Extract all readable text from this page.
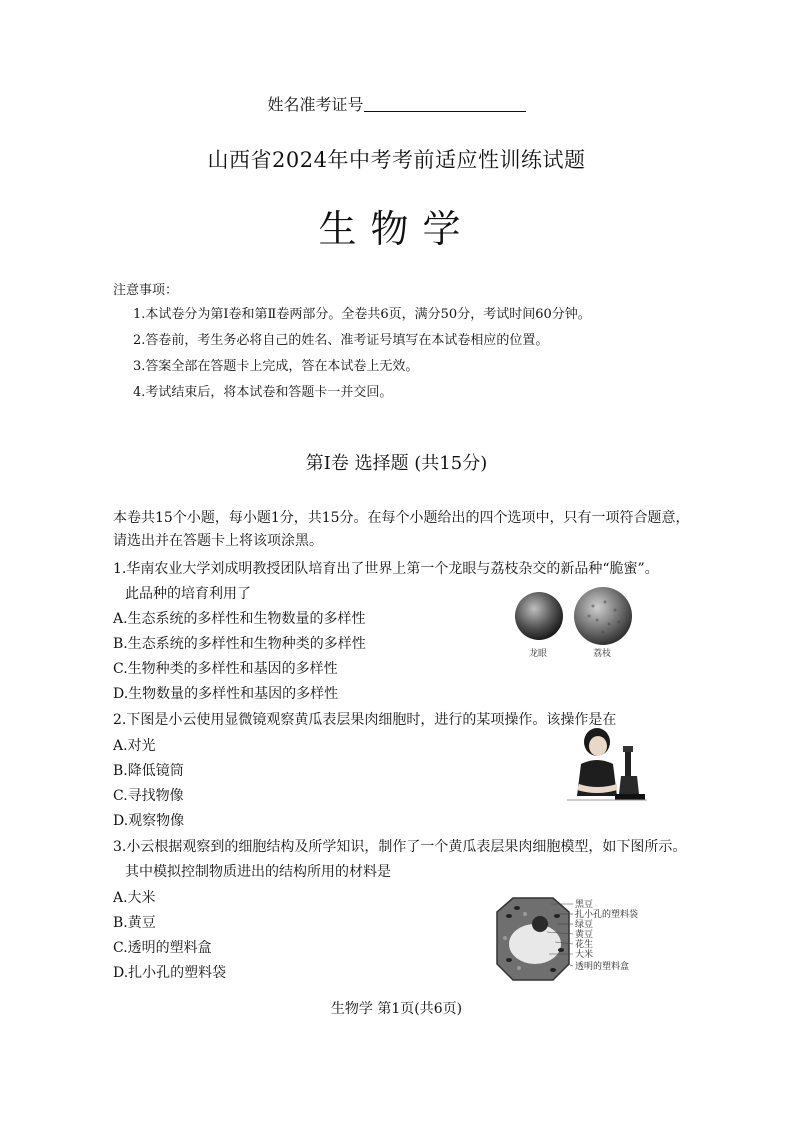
姓名准考证号
山西省2024年中考考前适应性训练试题
生物学
注意事项：
1.本试卷分为第Ⅰ卷和第Ⅱ卷两部分。全卷共6页，满分50分，考试时间60分钟。
2.答卷前，考生务必将自己的姓名、准考证号填写在本试卷相应的位置。
3.答案全部在答题卡上完成，答在本试卷上无效。
4.考试结束后，将本试卷和答题卡一并交回。
第Ⅰ卷 选择题 (共15分)
本卷共15个小题，每小题1分，共15分。在每个小题给出的四个选项中，只有一项符合题意，请选出并在答题卡上将该项涂黑。
1.华南农业大学刘成明教授团队培育出了世界上第一个龙眼与荔枝杂交的新品种“脆蜜”。
此品种的培育利用了
A.生态系统的多样性和生物数量的多样性
B.生态系统的多样性和生物种类的多样性
C.生物种类的多样性和基因的多样性
D.生物数量的多样性和基因的多样性
龙眼	荔枝
2.下图是小云使用显微镜观察黄瓜表层果肉细胞时，进行的某项操作。该操作是在
A.对光
B.降低镜筒
C.寻找物像
D.观察物像
3.小云根据观察到的细胞结构及所学知识，制作了一个黄瓜表层果肉细胞模型，如下图所示。
其中模拟控制物质进出的结构所用的材料是
A.大米
B.黄豆
C.透明的塑料盒
D.扎小孔的塑料袋
黑豆
扎小孔的塑料袋
绿豆
黄豆
花生
大米
透明的塑料盒
生物学 第1页(共6页)
